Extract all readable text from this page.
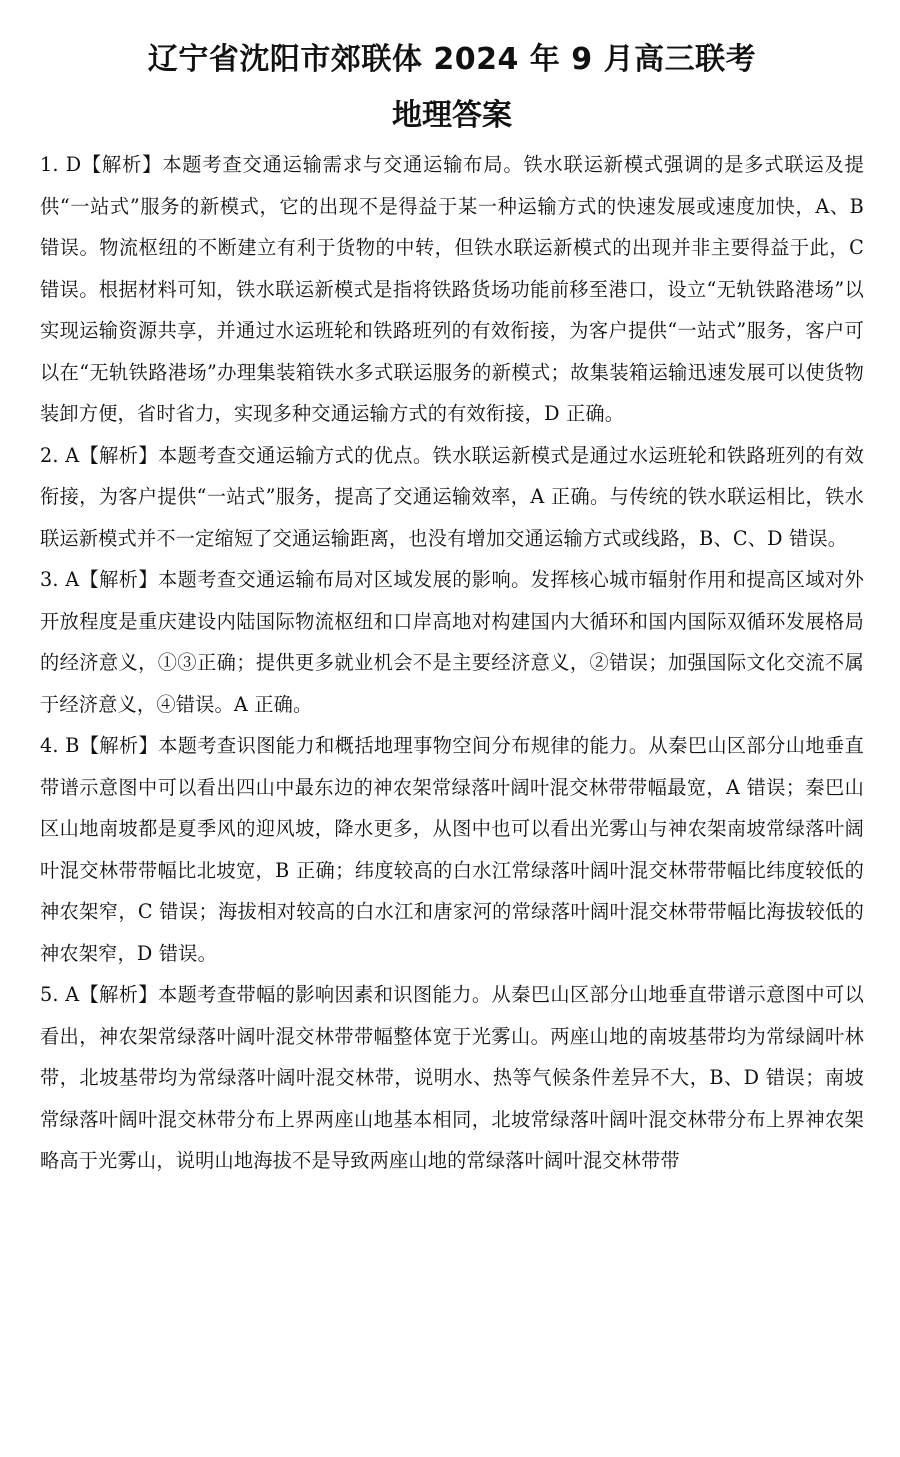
辽宁省沈阳市郊联体 2024 年 9 月高三联考
地理答案

1. D【解析】本题考查交通运输需求与交通运输布局。铁水联运新模式强调的是多式联运及提供“一站式”服务的新模式，它的出现不是得益于某一种运输方式的快速发展或速度加快，A、B 错误。物流枢纽的不断建立有利于货物的中转，但铁水联运新模式的出现并非主要得益于此，C 错误。根据材料可知，铁水联运新模式是指将铁路货场功能前移至港口，设立“无轨铁路港场”以实现运输资源共享，并通过水运班轮和铁路班列的有效衔接，为客户提供“一站式”服务，客户可以在“无轨铁路港场”办理集装箱铁水多式联运服务的新模式；故集装箱运输迅速发展可以使货物装卸方便，省时省力，实现多种交通运输方式的有效衔接，D 正确。

2. A【解析】本题考查交通运输方式的优点。铁水联运新模式是通过水运班轮和铁路班列的有效衔接，为客户提供“一站式”服务，提高了交通运输效率，A 正确。与传统的铁水联运相比，铁水联运新模式并不一定缩短了交通运输距离，也没有增加交通运输方式或线路，B、C、D 错误。

3. A【解析】本题考查交通运输布局对区域发展的影响。发挥核心城市辐射作用和提高区域对外开放程度是重庆建设内陆国际物流枢纽和口岸高地对构建国内大循环和国内国际双循环发展格局的经济意义，①③正确；提供更多就业机会不是主要经济意义，②错误；加强国际文化交流不属于经济意义，④错误。A 正确。

4. B【解析】本题考查识图能力和概括地理事物空间分布规律的能力。从秦巴山区部分山地垂直带谱示意图中可以看出四山中最东边的神农架常绿落叶阔叶混交林带带幅最宽，A 错误；秦巴山区山地南坡都是夏季风的迎风坡，降水更多，从图中也可以看出光雾山与神农架南坡常绿落叶阔叶混交林带带幅比北坡宽，B 正确；纬度较高的白水江常绿落叶阔叶混交林带带幅比纬度较低的神农架窄，C 错误；海拔相对较高的白水江和唐家河的常绿落叶阔叶混交林带带幅比海拔较低的神农架窄，D 错误。

5. A【解析】本题考查带幅的影响因素和识图能力。从秦巴山区部分山地垂直带谱示意图中可以看出，神农架常绿落叶阔叶混交林带带幅整体宽于光雾山。两座山地的南坡基带均为常绿阔叶林带，北坡基带均为常绿落叶阔叶混交林带，说明水、热等气候条件差异不大，B、D 错误；南坡常绿落叶阔叶混交林带分布上界两座山地基本相同，北坡常绿落叶阔叶混交林带分布上界神农架略高于光雾山，说明山地海拔不是导致两座山地的常绿落叶阔叶混交林带带
